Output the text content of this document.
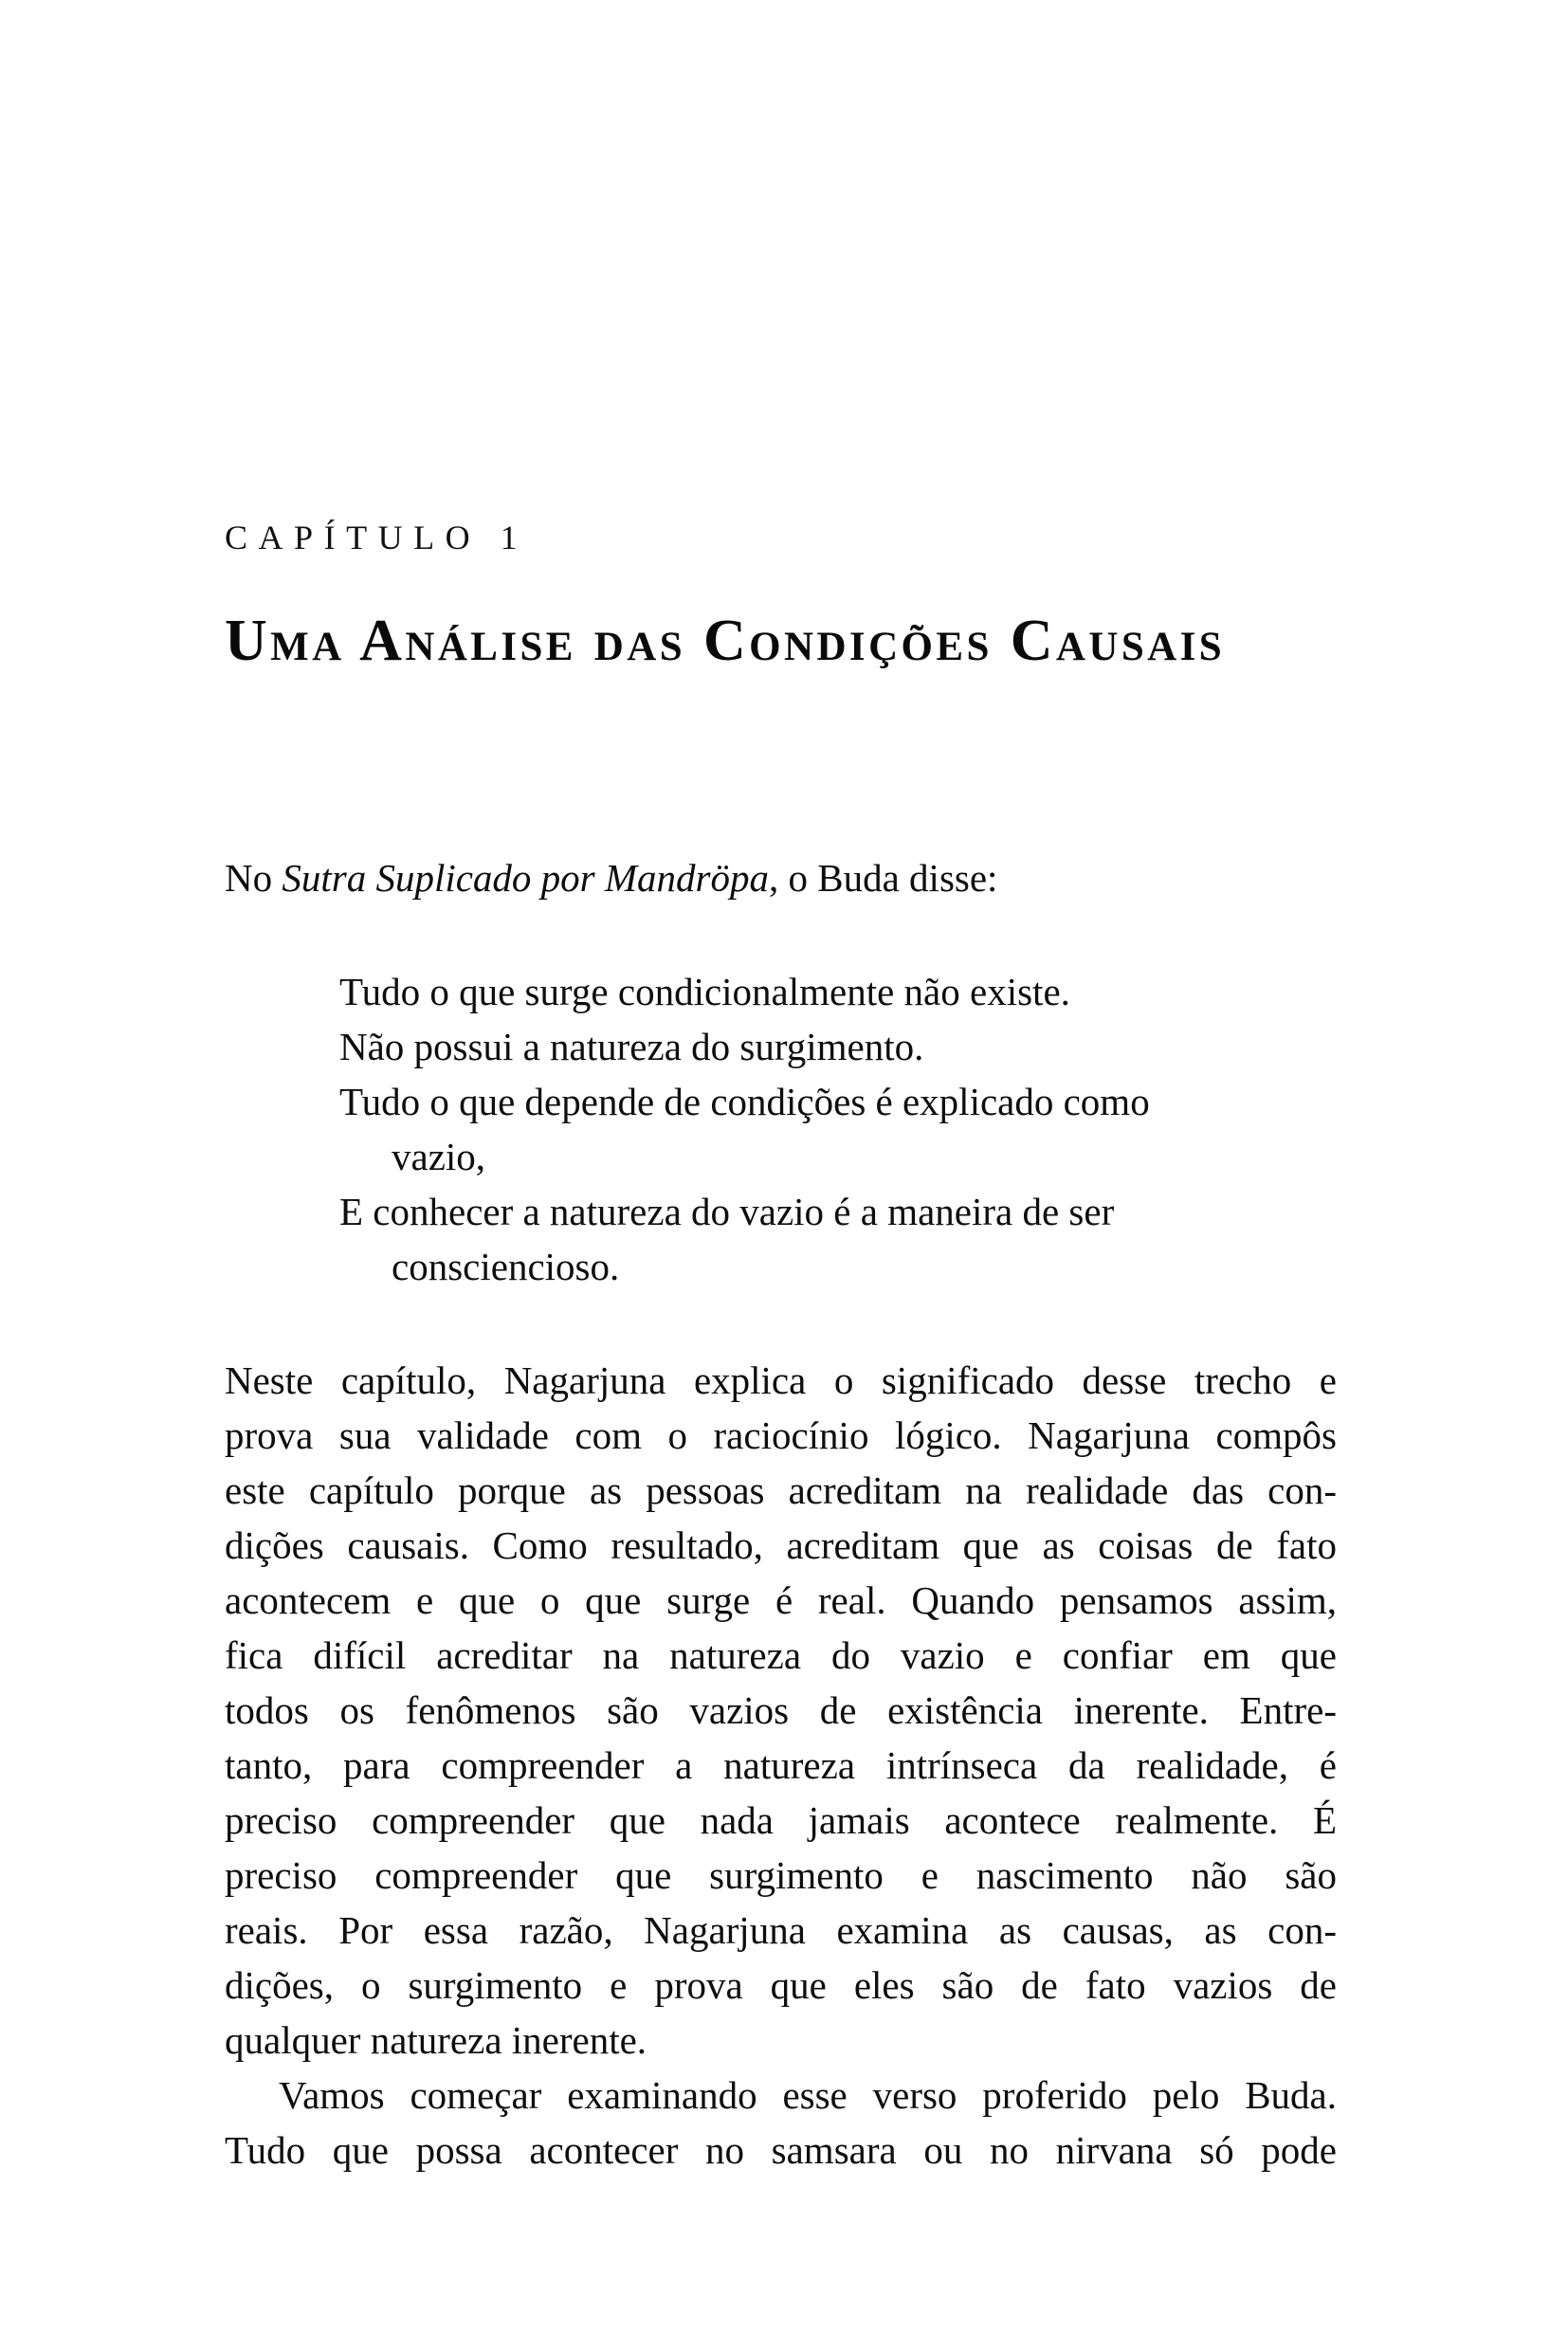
CAPÍTULO 1
Uma Análise das Condições Causais
No Sutra Suplicado por Mandröpa, o Buda disse:
Tudo o que surge condicionalmente não existe.
Não possui a natureza do surgimento.
Tudo o que depende de condições é explicado como
vazio,
E conhecer a natureza do vazio é a maneira de ser
consciencioso.
Neste capítulo, Nagarjuna explica o significado desse trecho e
prova sua validade com o raciocínio lógico. Nagarjuna compôs
este capítulo porque as pessoas acreditam na realidade das con-
dições causais. Como resultado, acreditam que as coisas de fato
acontecem e que o que surge é real. Quando pensamos assim,
fica difícil acreditar na natureza do vazio e confiar em que
todos os fenômenos são vazios de existência inerente. Entre-
tanto, para compreender a natureza intrínseca da realidade, é
preciso compreender que nada jamais acontece realmente. É
preciso compreender que surgimento e nascimento não são
reais. Por essa razão, Nagarjuna examina as causas, as con-
dições, o surgimento e prova que eles são de fato vazios de
qualquer natureza inerente.
Vamos começar examinando esse verso proferido pelo Buda.
Tudo que possa acontecer no samsara ou no nirvana só pode
